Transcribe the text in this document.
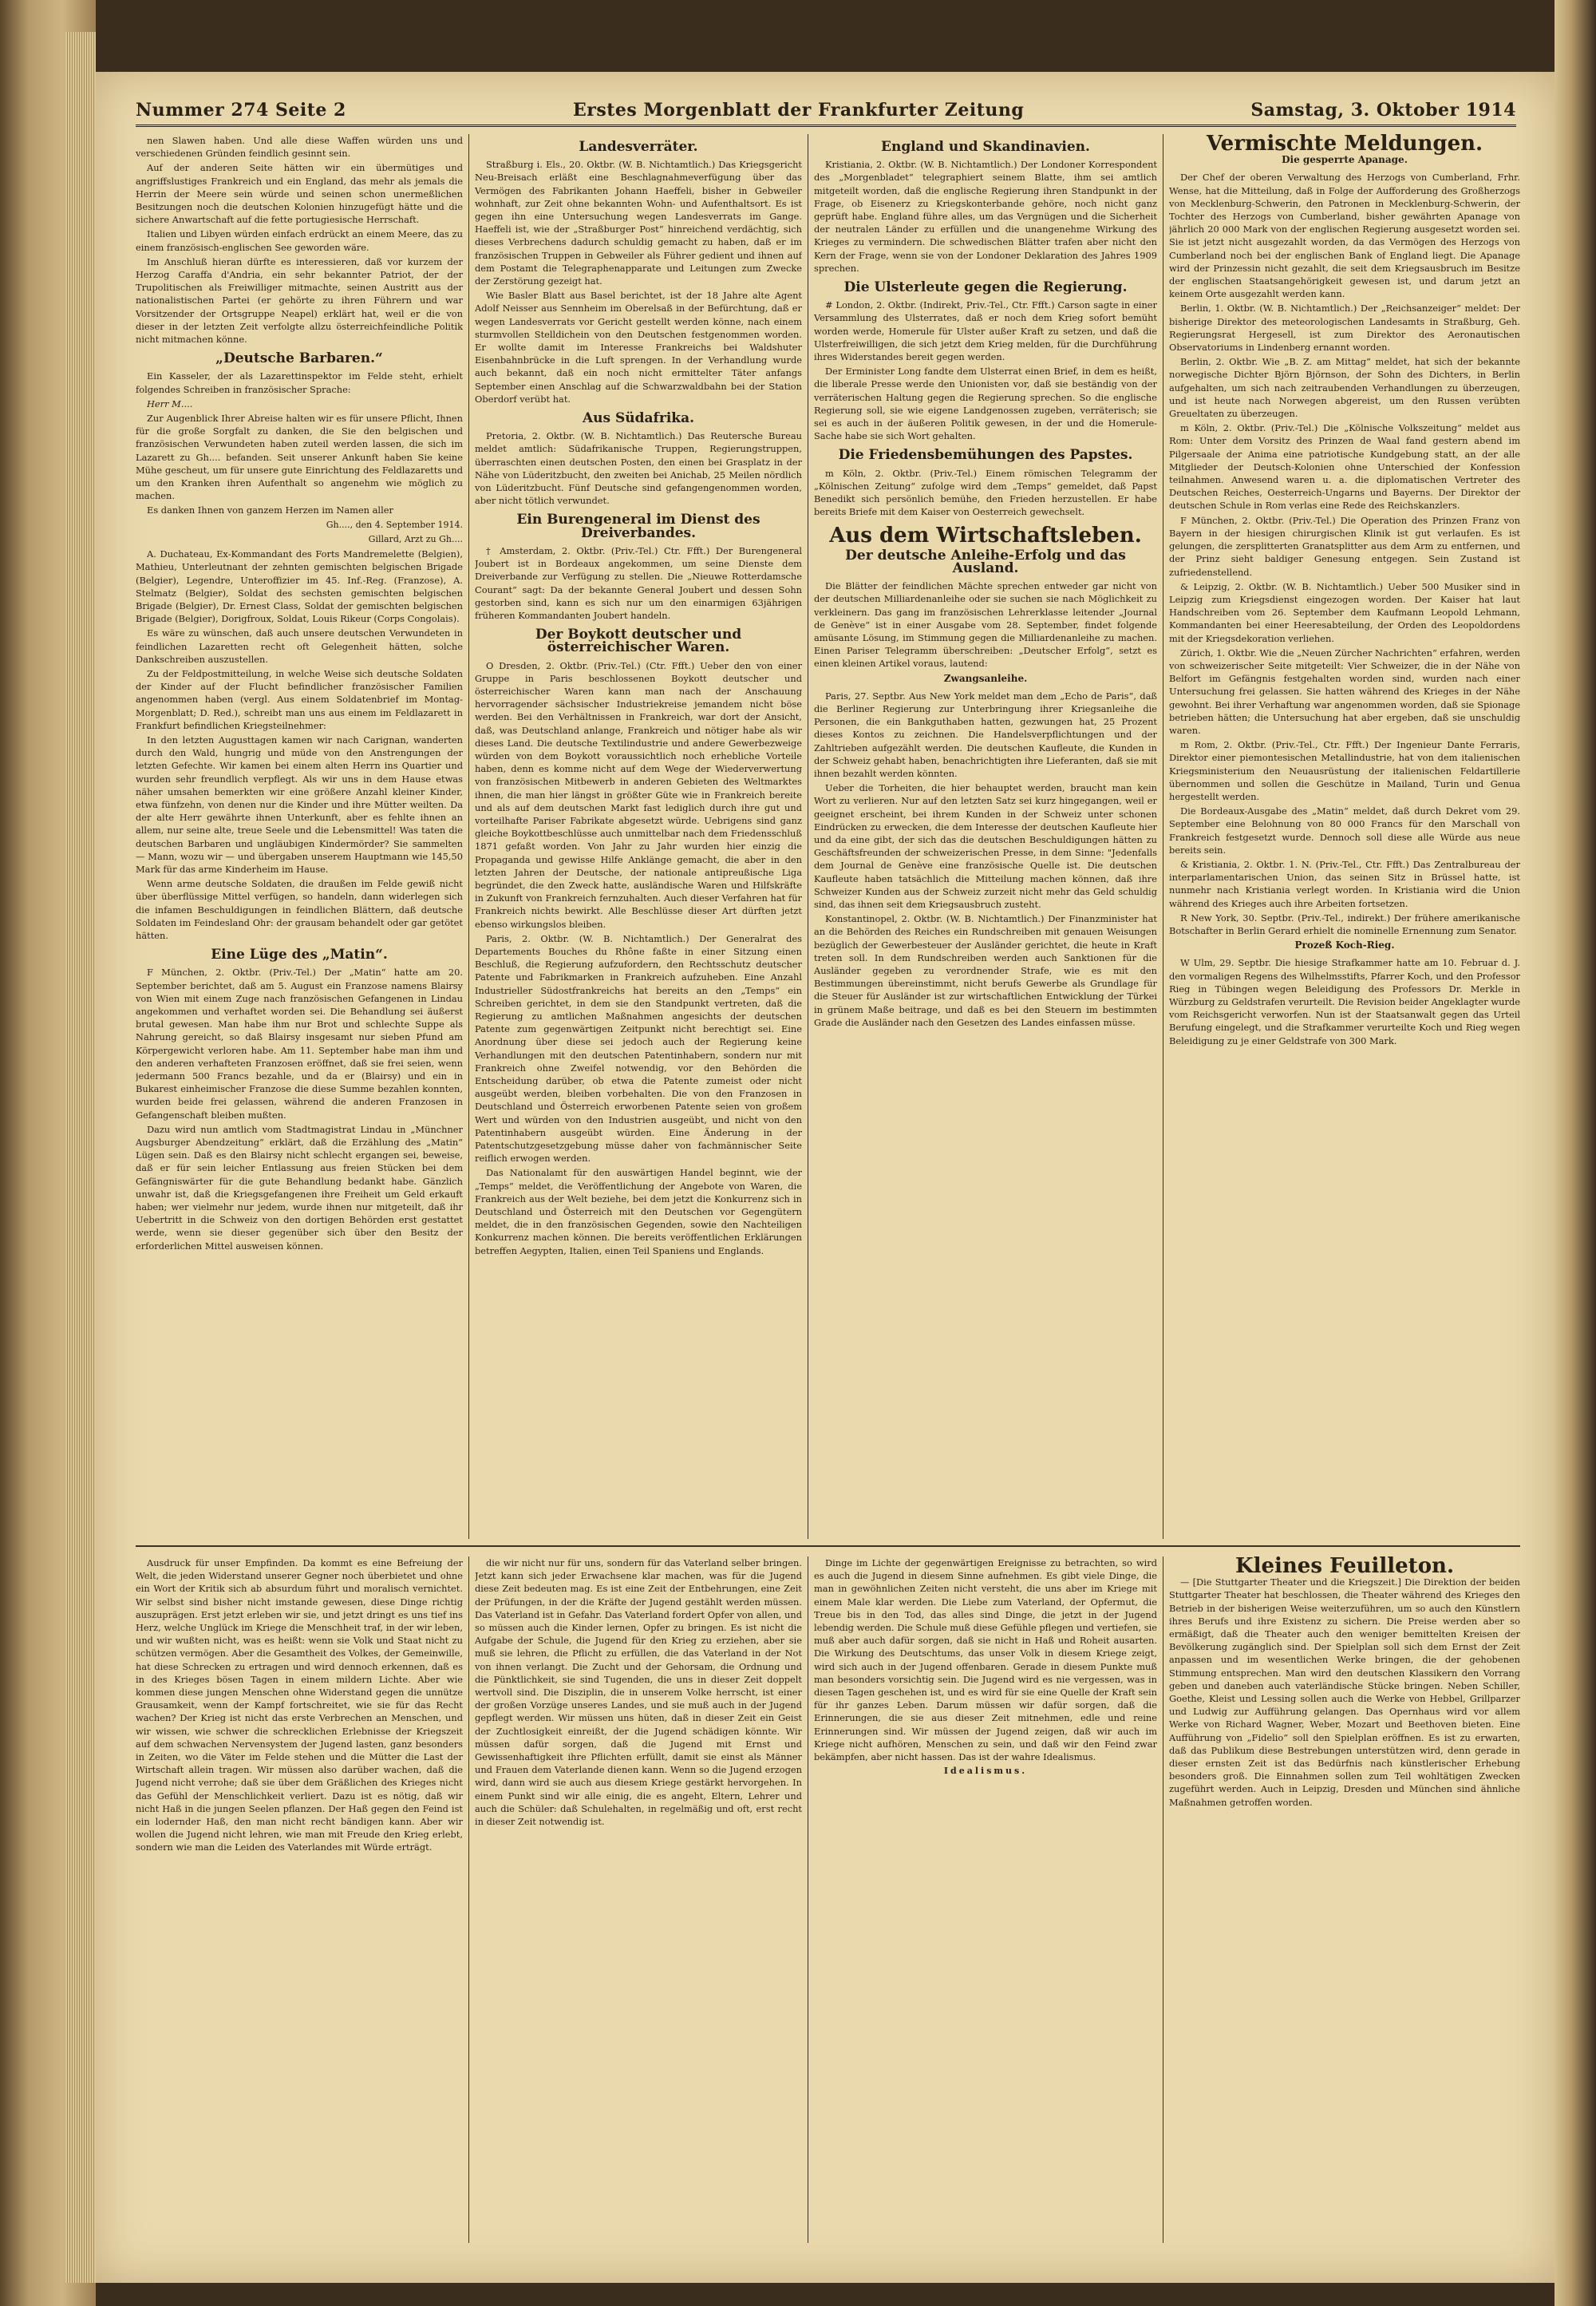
Nummer 274 Seite 2	Erstes Morgenblatt der Frankfurter Zeitung	Samstag, 3. Oktober 1914

nen Slawen haben. Und alle diese Waffen würden uns und verschiedenen Gründen feindlich gesinnt sein.

Auf der anderen Seite hätten wir ein übermütiges und angriffslustiges Frankreich und ein England, das mehr als jemals die Herrin der Meere sein würde und seinen schon unermeßlichen Besitzungen noch die deutschen Kolonien hinzugefügt hätte und die sichere Anwartschaft auf die fette portugiesische Herrschaft.

Italien und Libyen würden einfach erdrückt an einem Meere, das zu einem französisch-englischen See geworden wäre.

Im Anschluß hieran dürfte es interessieren, daß vor kurzem der Herzog Caraffa d'Andria, ein sehr bekannter Patriot, der der Trupolitischen als Freiwilliger mitmachte, seinen Austritt aus der nationalistischen Partei (er gehörte zu ihren Führern und war Vorsitzender der Ortsgruppe Neapel) erklärt hat, weil er die von dieser in der letzten Zeit verfolgte allzu österreichfeindliche Politik nicht mitmachen könne.

„Deutsche Barbaren.“

Ein Kasseler, der als Lazarettinspektor im Felde steht, erhielt folgendes Schreiben in französischer Sprache:

Herr M....

Zur Augenblick Ihrer Abreise halten wir es für unsere Pflicht, Ihnen für die große Sorgfalt zu danken, die Sie den belgischen und französischen Verwundeten haben zuteil werden lassen, die sich im Lazarett zu Gh.... befanden. Seit unserer Ankunft haben Sie keine Mühe gescheut, um für unsere gute Einrichtung des Feldlazaretts und um den Kranken ihren Aufenthalt so angenehm wie möglich zu machen.

Es danken Ihnen von ganzem Herzen im Namen aller

Gh...., den 4. September 1914.
Gillard, Arzt zu Gh....

A. Duchateau, Ex-Kommandant des Forts Mandremelette (Belgien), Mathieu, Unterleutnant der zehnten gemischten belgischen Brigade (Belgier), Legendre, Unteroffizier im 45. Inf.-Reg. (Franzose), A. Stelmatz (Belgier), Soldat des sechsten gemischten belgischen Brigade (Belgier), Dr. Ernest Class, Soldat der gemischten belgischen Brigade (Belgier), Dorigfroux, Soldat, Louis Rikeur (Corps Congolais).

Es wäre zu wünschen, daß auch unsere deutschen Verwundeten in feindlichen Lazaretten recht oft Gelegenheit hätten, solche Dankschreiben auszustellen.

Zu der Feldpostmitteilung, in welche Weise sich deutsche Soldaten der Kinder auf der Flucht befindlicher französischer Familien angenommen haben (vergl. Aus einem Soldatenbrief im Montag-Morgenblatt; D. Red.), schreibt man uns aus einem im Feldlazarett in Frankfurt befindlichen Kriegsteilnehmer:

In den letzten Augusttagen kamen wir nach Carignan, wanderten durch den Wald, hungrig und müde von den Anstrengungen der letzten Gefechte. Wir kamen bei einem alten Herrn ins Quartier und wurden sehr freundlich verpflegt. Als wir uns in dem Hause etwas näher umsahen bemerkten wir eine größere Anzahl kleiner Kinder, etwa fünfzehn, von denen nur die Kinder und ihre Mütter weilten. Da der alte Herr gewährte ihnen Unterkunft, aber es fehlte ihnen an allem, nur seine alte, treue Seele und die Lebensmittel! Was taten die deutschen Barbaren und ungläubigen Kindermörder? Sie sammelten — Mann, wozu wir — und übergaben unserem Hauptmann wie 145,50 Mark für das arme Kinderheim im Hause.

Wenn arme deutsche Soldaten, die draußen im Felde gewiß nicht über überflüssige Mittel verfügen, so handeln, dann widerlegen sich die infamen Beschuldigungen in feindlichen Blättern, daß deutsche Soldaten im Feindesland Ohr: der grausam behandelt oder gar getötet hätten.

Eine Lüge des „Matin“.

F München, 2. Oktbr. (Priv.-Tel.) Der „Matin“ hatte am 20. September berichtet, daß am 5. August ein Franzose namens Blairsy von Wien mit einem Zuge nach französischen Gefangenen in Lindau angekommen und verhaftet worden sei. Die Behandlung sei äußerst brutal gewesen. Man habe ihm nur Brot und schlechte Suppe als Nahrung gereicht, so daß Blairsy insgesamt nur sieben Pfund am Körpergewicht verloren habe. Am 11. September habe man ihm und den anderen verhafteten Franzosen eröffnet, daß sie frei seien, wenn jedermann 500 Francs bezahle, und da er (Blairsy) und ein in Bukarest einheimischer Franzose die diese Summe bezahlen konnten, wurden beide frei gelassen, während die anderen Franzosen in Gefangenschaft bleiben mußten.

Dazu wird nun amtlich vom Stadtmagistrat Lindau in „Münchner Augsburger Abendzeitung“ erklärt, daß die Erzählung des „Matin“ Lügen sein. Daß es den Blairsy nicht schlecht ergangen sei, beweise, daß er für sein leicher Entlassung aus freien Stücken bei dem Gefängniswärter für die gute Behandlung bedankt habe. Gänzlich unwahr ist, daß die Kriegsgefangenen ihre Freiheit um Geld erkauft haben; wer vielmehr nur jedem, wurde ihnen nur mitgeteilt, daß ihr Uebertritt in die Schweiz von den dortigen Behörden erst gestattet werde, wenn sie dieser gegenüber sich über den Besitz der erforderlichen Mittel ausweisen können.

Landesverräter.

Straßburg i. Els., 20. Oktbr. (W. B. Nichtamtlich.) Das Kriegsgericht Neu-Breisach erläßt eine Beschlagnahmeverfügung über das Vermögen des Fabrikanten Johann Haeffeli, bisher in Gebweiler wohnhaft, zur Zeit ohne bekannten Wohn- und Aufenthaltsort. Es ist gegen ihn eine Untersuchung wegen Landesverrats im Gange. Haeffeli ist, wie der „Straßburger Post“ hinreichend verdächtig, sich dieses Verbrechens dadurch schuldig gemacht zu haben, daß er im französischen Truppen in Gebweiler als Führer gedient und ihnen auf dem Postamt die Telegraphenapparate und Leitungen zum Zwecke der Zerstörung gezeigt hat.

Wie Basler Blatt aus Basel berichtet, ist der 18 Jahre alte Agent Adolf Neisser aus Sennheim im Oberelsaß in der Befürchtung, daß er wegen Landesverrats vor Gericht gestellt werden könne, nach einem sturmvollen Stelldichein von den Deutschen festgenommen worden. Er wollte damit im Interesse Frankreichs bei Waldshuter Eisenbahnbrücke in die Luft sprengen. In der Verhandlung wurde auch bekannt, daß ein noch nicht ermittelter Täter anfangs September einen Anschlag auf die Schwarzwaldbahn bei der Station Oberdorf verübt hat.

Aus Südafrika.

Pretoria, 2. Oktbr. (W. B. Nichtamtlich.) Das Reutersche Bureau meldet amtlich: Südafrikanische Truppen, Regierungstruppen, überraschten einen deutschen Posten, den einen bei Grasplatz in der Nähe von Lüderitzbucht, den zweiten bei Anichab, 25 Meilen nördlich von Lüderitzbucht. Fünf Deutsche sind gefangengenommen worden, aber nicht tötlich verwundet.

Ein Burengeneral im Dienst des Dreiverbandes.

† Amsterdam, 2. Oktbr. (Priv.-Tel.) Ctr. Ffft.) Der Burengeneral Joubert ist in Bordeaux angekommen, um seine Dienste dem Dreiverbande zur Verfügung zu stellen. Die „Nieuwe Rotterdamsche Courant“ sagt: Da der bekannte General Joubert und dessen Sohn gestorben sind, kann es sich nur um den einarmigen 63jährigen früheren Kommandanten Joubert handeln.

Der Boykott deutscher und österreichischer Waren.

O Dresden, 2. Oktbr. (Priv.-Tel.) (Ctr. Ffft.) Ueber den von einer Gruppe in Paris beschlossenen Boykott deutscher und österreichischer Waren kann man nach der Anschauung hervorragender sächsischer Industriekreise jemandem nicht böse werden. Bei den Verhältnissen in Frankreich, war dort der Ansicht, daß, was Deutschland anlange, Frankreich und nötiger habe als wir dieses Land. Die deutsche Textilindustrie und andere Gewerbezweige würden von dem Boykott voraussichtlich noch erhebliche Vorteile haben, denn es komme nicht auf dem Wege der Wiederverwertung von französischen Mitbewerb in anderen Gebieten des Weltmarktes ihnen, die man hier längst in größter Güte wie in Frankreich bereite und als auf dem deutschen Markt fast lediglich durch ihre gut und vorteilhafte Pariser Fabrikate abgesetzt würde. Uebrigens sind ganz gleiche Boykottbeschlüsse auch unmittelbar nach dem Friedensschluß 1871 gefaßt worden. Von Jahr zu Jahr wurden hier einzig die Propaganda und gewisse Hilfe Anklänge gemacht, die aber in den letzten Jahren der Deutsche, der nationale antipreußische Liga begründet, die den Zweck hatte, ausländische Waren und Hilfskräfte in Zukunft von Frankreich fernzuhalten. Auch dieser Verfahren hat für Frankreich nichts bewirkt. Alle Beschlüsse dieser Art dürften jetzt ebenso wirkungslos bleiben.

Paris, 2. Oktbr. (W. B. Nichtamtlich.) Der Generalrat des Departements Bouches du Rhône faßte in einer Sitzung einen Beschluß, die Regierung aufzufordern, den Rechtsschutz deutscher Patente und Fabrikmarken in Frankreich aufzuheben. Eine Anzahl Industrieller Südostfrankreichs hat bereits an den „Temps“ ein Schreiben gerichtet, in dem sie den Standpunkt vertreten, daß die Regierung zu amtlichen Maßnahmen angesichts der deutschen Patente zum gegenwärtigen Zeitpunkt nicht berechtigt sei. Eine Anordnung über diese sei jedoch auch der Regierung keine Verhandlungen mit den deutschen Patentinhabern, sondern nur mit Frankreich ohne Zweifel notwendig, vor den Behörden die Entscheidung darüber, ob etwa die Patente zumeist oder nicht ausgeübt werden, bleiben vorbehalten. Die von den Franzosen in Deutschland und Österreich erworbenen Patente seien von großem Wert und würden von den Industrien ausgeübt, und nicht von den Patentinhabern ausgeübt würden. Eine Änderung in der Patentschutzgesetzgebung müsse daher von fachmännischer Seite reiflich erwogen werden.

Das Nationalamt für den auswärtigen Handel beginnt, wie der „Temps“ meldet, die Veröffentlichung der Angebote von Waren, die Frankreich aus der Welt beziehe, bei dem jetzt die Konkurrenz sich in Deutschland und Österreich mit den Deutschen vor Gegengütern meldet, die in den französischen Gegenden, sowie den Nachteiligen Konkurrenz machen können. Die bereits veröffentlichen Erklärungen betreffen Aegypten, Italien, einen Teil Spaniens und Englands.

England und Skandinavien.

Kristiania, 2. Oktbr. (W. B. Nichtamtlich.) Der Londoner Korrespondent des „Morgenbladet“ telegraphiert seinem Blatte, ihm sei amtlich mitgeteilt worden, daß die englische Regierung ihren Standpunkt in der Frage, ob Eisenerz zu Kriegskonterbande gehöre, noch nicht ganz geprüft habe. England führe alles, um das Vergnügen und die Sicherheit der neutralen Länder zu erfüllen und die unangenehme Wirkung des Krieges zu vermindern. Die schwedischen Blätter trafen aber nicht den Kern der Frage, wenn sie von der Londoner Deklaration des Jahres 1909 sprechen.

Die Ulsterleute gegen die Regierung.

# London, 2. Oktbr. (Indirekt, Priv.-Tel., Ctr. Ffft.) Carson sagte in einer Versammlung des Ulsterrates, daß er noch dem Krieg sofort bemüht worden werde, Homerule für Ulster außer Kraft zu setzen, und daß die Ulsterfreiwilligen, die sich jetzt dem Krieg melden, für die Durchführung ihres Widerstandes bereit gegen werden.

Der Erminister Long fandte dem Ulsterrat einen Brief, in dem es heißt, die liberale Presse werde den Unionisten vor, daß sie beständig von der verräterischen Haltung gegen die Regierung sprechen. So die englische Regierung soll, sie wie eigene Landgenossen zugeben, verräterisch; sie sei es auch in der äußeren Politik gewesen, in der und die Homerule-Sache habe sie sich Wort gehalten.

Die Friedensbemühungen des Papstes.

m Köln, 2. Oktbr. (Priv.-Tel.) Einem römischen Telegramm der „Kölnischen Zeitung“ zufolge wird dem „Temps“ gemeldet, daß Papst Benedikt sich persönlich bemühe, den Frieden herzustellen. Er habe bereits Briefe mit dem Kaiser von Oesterreich gewechselt.

Aus dem Wirtschaftsleben.
Der deutsche Anleihe-Erfolg und das Ausland.

Die Blätter der feindlichen Mächte sprechen entweder gar nicht von der deutschen Milliardenanleihe oder sie suchen sie nach Möglichkeit zu verkleinern. Das gang im französischen Lehrerklasse leitender „Journal de Genève“ ist in einer Ausgabe vom 28. September, findet folgende amüsante Lösung, im Stimmung gegen die Milliardenanleihe zu machen. Einen Pariser Telegramm überschreiben: „Deutscher Erfolg“, setzt es einen kleinen Artikel voraus, lautend:

Zwangsanleihe.

Paris, 27. Septbr. Aus New York meldet man dem „Echo de Paris“, daß die Berliner Regierung zur Unterbringung ihrer Kriegsanleihe die Personen, die ein Bankguthaben hatten, gezwungen hat, 25 Prozent dieses Kontos zu zeichnen. Die Handelsverpflichtungen und der Zahltrieben aufgezählt werden. Die deutschen Kaufleute, die Kunden in der Schweiz gehabt haben, benachrichtigten ihre Lieferanten, daß sie mit ihnen bezahlt werden könnten.

Ueber die Torheiten, die hier behauptet werden, braucht man kein Wort zu verlieren. Nur auf den letzten Satz sei kurz hingegangen, weil er geeignet erscheint, bei ihrem Kunden in der Schweiz unter schonen Eindrücken zu erwecken, die dem Interesse der deutschen Kaufleute hier und da eine gibt, der sich das die deutschen Beschuldigungen hätten zu Geschäftsfreunden der schweizerischen Presse, in dem Sinne: "Jedenfalls dem Journal de Genève eine französische Quelle ist. Die deutschen Kaufleute haben tatsächlich die Mitteilung machen können, daß ihre Schweizer Kunden aus der Schweiz zurzeit nicht mehr das Geld schuldig sind, das ihnen seit dem Kriegsausbruch zusteht.

Konstantinopel, 2. Oktbr. (W. B. Nichtamtlich.) Der Finanzminister hat an die Behörden des Reiches ein Rundschreiben mit genauen Weisungen bezüglich der Gewerbesteuer der Ausländer gerichtet, die heute in Kraft treten soll. In dem Rundschreiben werden auch Sanktionen für die Ausländer gegeben zu verordnender Strafe, wie es mit den Bestimmungen übereinstimmt, nicht berufs Gewerbe als Grundlage für die Steuer für Ausländer ist zur wirtschaftlichen Entwicklung der Türkei in grünem Maße beitrage, und daß es bei den Steuern im bestimmten Grade die Ausländer nach den Gesetzen des Landes einfassen müsse.

Vermischte Meldungen.
Die gesperrte Apanage.

Der Chef der oberen Verwaltung des Herzogs von Cumberland, Frhr. Wense, hat die Mitteilung, daß in Folge der Aufforderung des Großherzogs von Mecklenburg-Schwerin, den Patronen in Mecklenburg-Schwerin, der Tochter des Herzogs von Cumberland, bisher gewährten Apanage von jährlich 20 000 Mark von der englischen Regierung ausgesetzt worden sei. Sie ist jetzt nicht ausgezahlt worden, da das Vermögen des Herzogs von Cumberland noch bei der englischen Bank of England liegt. Die Apanage wird der Prinzessin nicht gezahlt, die seit dem Kriegsausbruch im Besitze der englischen Staatsangehörigkeit gewesen ist, und darum jetzt an keinem Orte ausgezahlt werden kann.

Berlin, 1. Oktbr. (W. B. Nichtamtlich.) Der „Reichsanzeiger“ meldet: Der bisherige Direktor des meteorologischen Landesamts in Straßburg, Geh. Regierungsrat Hergesell, ist zum Direktor des Aeronautischen Observatoriums in Lindenberg ernannt worden.

Berlin, 2. Oktbr. Wie „B. Z. am Mittag“ meldet, hat sich der bekannte norwegische Dichter Björn Björnson, der Sohn des Dichters, in Berlin aufgehalten, um sich nach zeitraubenden Verhandlungen zu überzeugen, und ist heute nach Norwegen abgereist, um den Russen verübten Greueltaten zu überzeugen.

m Köln, 2. Oktbr. (Priv.-Tel.) Die „Kölnische Volkszeitung“ meldet aus Rom: Unter dem Vorsitz des Prinzen de Waal fand gestern abend im Pilgersaale der Anima eine patriotische Kundgebung statt, an der alle Mitglieder der Deutsch-Kolonien ohne Unterschied der Konfession teilnahmen. Anwesend waren u. a. die diplomatischen Vertreter des Deutschen Reiches, Oesterreich-Ungarns und Bayerns. Der Direktor der deutschen Schule in Rom verlas eine Rede des Reichskanzlers.

F München, 2. Oktbr. (Priv.-Tel.) Die Operation des Prinzen Franz von Bayern in der hiesigen chirurgischen Klinik ist gut verlaufen. Es ist gelungen, die zersplitterten Granatsplitter aus dem Arm zu entfernen, und der Prinz sieht baldiger Genesung entgegen. Sein Zustand ist zufriedenstellend.

& Leipzig, 2. Oktbr. (W. B. Nichtamtlich.) Ueber 500 Musiker sind in Leipzig zum Kriegsdienst eingezogen worden. Der Kaiser hat laut Handschreiben vom 26. September dem Kaufmann Leopold Lehmann, Kommandanten bei einer Heeresabteilung, der Orden des Leopoldordens mit der Kriegsdekoration verliehen.

Zürich, 1. Oktbr. Wie die „Neuen Zürcher Nachrichten“ erfahren, werden von schweizerischer Seite mitgeteilt: Vier Schweizer, die in der Nähe von Belfort im Gefängnis festgehalten worden sind, wurden nach einer Untersuchung frei gelassen. Sie hatten während des Krieges in der Nähe gewohnt. Bei ihrer Verhaftung war angenommen worden, daß sie Spionage betrieben hätten; die Untersuchung hat aber ergeben, daß sie unschuldig waren.

m Rom, 2. Oktbr. (Priv.-Tel., Ctr. Ffft.) Der Ingenieur Dante Ferraris, Direktor einer piemontesischen Metallindustrie, hat von dem italienischen Kriegsministerium den Neuausrüstung der italienischen Feldartillerie übernommen und sollen die Geschütze in Mailand, Turin und Genua hergestellt werden.

Die Bordeaux-Ausgabe des „Matin“ meldet, daß durch Dekret vom 29. September eine Belohnung von 80 000 Francs für den Marschall von Frankreich festgesetzt wurde. Dennoch soll diese alle Würde aus neue bereits sein.

& Kristiania, 2. Oktbr. 1. N. (Priv.-Tel., Ctr. Ffft.) Das Zentralbureau der interparlamentarischen Union, das seinen Sitz in Brüssel hatte, ist nunmehr nach Kristiania verlegt worden. In Kristiania wird die Union während des Krieges auch ihre Arbeiten fortsetzen.

R New York, 30. Septbr. (Priv.-Tel., indirekt.) Der frühere amerikanische Botschafter in Berlin Gerard erhielt die nominelle Ernennung zum Senator.

Prozeß Koch-Rieg.

W Ulm, 29. Septbr. Die hiesige Strafkammer hatte am 10. Februar d. J. den vormaligen Regens des Wilhelmsstifts, Pfarrer Koch, und den Professor Rieg in Tübingen wegen Beleidigung des Professors Dr. Merkle in Würzburg zu Geldstrafen verurteilt. Die Revision beider Angeklagter wurde vom Reichsgericht verworfen. Nun ist der Staatsanwalt gegen das Urteil Berufung eingelegt, und die Strafkammer verurteilte Koch und Rieg wegen Beleidigung zu je einer Geldstrafe von 300 Mark.

Ausdruck für unser Empfinden. Da kommt es eine Befreiung der Welt, die jeden Widerstand unserer Gegner noch überbietet und ohne ein Wort der Kritik sich ab absurdum führt und moralisch vernichtet. Wir selbst sind bisher nicht imstande gewesen, diese Dinge richtig auszuprägen. Erst jetzt erleben wir sie, und jetzt dringt es uns tief ins Herz, welche Unglück im Kriege die Menschheit traf, in der wir leben, und wir wußten nicht, was es heißt: wenn sie Volk und Staat nicht zu schützen vermögen. Aber die Gesamtheit des Volkes, der Gemeinwille, hat diese Schrecken zu ertragen und wird dennoch erkennen, daß es in des Krieges bösen Tagen in einem mildern Lichte. Aber wie kommen diese jungen Menschen ohne Widerstand gegen die unnütze Grausamkeit, wenn der Kampf fortschreitet, wie sie für das Recht wachen? Der Krieg ist nicht das erste Verbrechen an Menschen, und wir wissen, wie schwer die schrecklichen Erlebnisse der Kriegszeit auf dem schwachen Nervensystem der Jugend lasten, ganz besonders in Zeiten, wo die Väter im Felde stehen und die Mütter die Last der Wirtschaft allein tragen. Wir müssen also darüber wachen, daß die Jugend nicht verrohe; daß sie über dem Gräßlichen des Krieges nicht das Gefühl der Menschlichkeit verliert. Dazu ist es nötig, daß wir nicht Haß in die jungen Seelen pflanzen. Der Haß gegen den Feind ist ein lodernder Haß, den man nicht recht bändigen kann. Aber wir wollen die Jugend nicht lehren, wie man mit Freude den Krieg erlebt, sondern wie man die Leiden des Vaterlandes mit Würde erträgt.

die wir nicht nur für uns, sondern für das Vaterland selber bringen. Jetzt kann sich jeder Erwachsene klar machen, was für die Jugend diese Zeit bedeuten mag. Es ist eine Zeit der Entbehrungen, eine Zeit der Prüfungen, in der die Kräfte der Jugend gestählt werden müssen. Das Vaterland ist in Gefahr. Das Vaterland fordert Opfer von allen, und so müssen auch die Kinder lernen, Opfer zu bringen. Es ist nicht die Aufgabe der Schule, die Jugend für den Krieg zu erziehen, aber sie muß sie lehren, die Pflicht zu erfüllen, die das Vaterland in der Not von ihnen verlangt. Die Zucht und der Gehorsam, die Ordnung und die Pünktlichkeit, sie sind Tugenden, die uns in dieser Zeit doppelt wertvoll sind. Die Disziplin, die in unserem Volke herrscht, ist einer der großen Vorzüge unseres Landes, und sie muß auch in der Jugend gepflegt werden. Wir müssen uns hüten, daß in dieser Zeit ein Geist der Zuchtlosigkeit einreißt, der die Jugend schädigen könnte. Wir müssen dafür sorgen, daß die Jugend mit Ernst und Gewissenhaftigkeit ihre Pflichten erfüllt, damit sie einst als Männer und Frauen dem Vaterlande dienen kann. Wenn so die Jugend erzogen wird, dann wird sie auch aus diesem Kriege gestärkt hervorgehen. In einem Punkt sind wir alle einig, die es angeht, Eltern, Lehrer und auch die Schüler: daß Schulehalten, in regelmäßig und oft, erst recht in dieser Zeit notwendig ist.

Dinge im Lichte der gegenwärtigen Ereignisse zu betrachten, so wird es auch die Jugend in diesem Sinne aufnehmen. Es gibt viele Dinge, die man in gewöhnlichen Zeiten nicht versteht, die uns aber im Kriege mit einem Male klar werden. Die Liebe zum Vaterland, der Opfermut, die Treue bis in den Tod, das alles sind Dinge, die jetzt in der Jugend lebendig werden. Die Schule muß diese Gefühle pflegen und vertiefen, sie muß aber auch dafür sorgen, daß sie nicht in Haß und Roheit ausarten. Die Wirkung des Deutschtums, das unser Volk in diesem Kriege zeigt, wird sich auch in der Jugend offenbaren. Gerade in diesem Punkte muß man besonders vorsichtig sein. Die Jugend wird es nie vergessen, was in diesen Tagen geschehen ist, und es wird für sie eine Quelle der Kraft sein für ihr ganzes Leben. Darum müssen wir dafür sorgen, daß die Erinnerungen, die sie aus dieser Zeit mitnehmen, edle und reine Erinnerungen sind. Wir müssen der Jugend zeigen, daß wir auch im Kriege nicht aufhören, Menschen zu sein, und daß wir den Feind zwar bekämpfen, aber nicht hassen. Das ist der wahre Idealismus.

Idealismus.
Kleines Feuilleton.

— [Die Stuttgarter Theater und die Kriegszeit.] Die Direktion der beiden Stuttgarter Theater hat beschlossen, die Theater während des Krieges den Betrieb in der bisherigen Weise weiterzuführen, um so auch den Künstlern ihres Berufs und ihre Existenz zu sichern. Die Preise werden aber so ermäßigt, daß die Theater auch den weniger bemittelten Kreisen der Bevölkerung zugänglich sind. Der Spielplan soll sich dem Ernst der Zeit anpassen und im wesentlichen Werke bringen, die der gehobenen Stimmung entsprechen. Man wird den deutschen Klassikern den Vorrang geben und daneben auch vaterländische Stücke bringen. Neben Schiller, Goethe, Kleist und Lessing sollen auch die Werke von Hebbel, Grillparzer und Ludwig zur Aufführung gelangen. Das Opernhaus wird vor allem Werke von Richard Wagner, Weber, Mozart und Beethoven bieten. Eine Aufführung von „Fidelio“ soll den Spielplan eröffnen. Es ist zu erwarten, daß das Publikum diese Bestrebungen unterstützen wird, denn gerade in dieser ernsten Zeit ist das Bedürfnis nach künstlerischer Erhebung besonders groß. Die Einnahmen sollen zum Teil wohltätigen Zwecken zugeführt werden. Auch in Leipzig, Dresden und München sind ähnliche Maßnahmen getroffen worden.
